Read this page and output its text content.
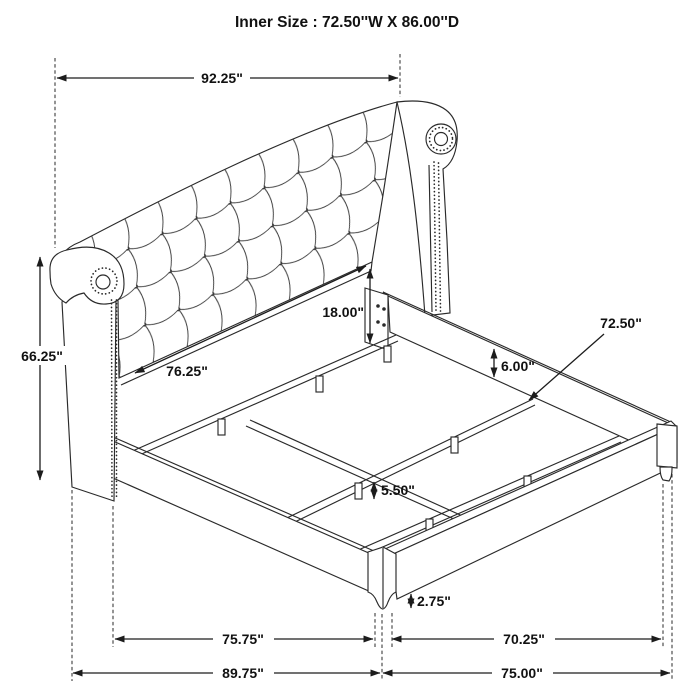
92.25"
66.25"
76.25"
18.00"
72.50"
6.00"
5.50"
2.75"
75.75"	70.25"
89.75"	75.00"
Inner Size : 72.50''W X 86.00''D
